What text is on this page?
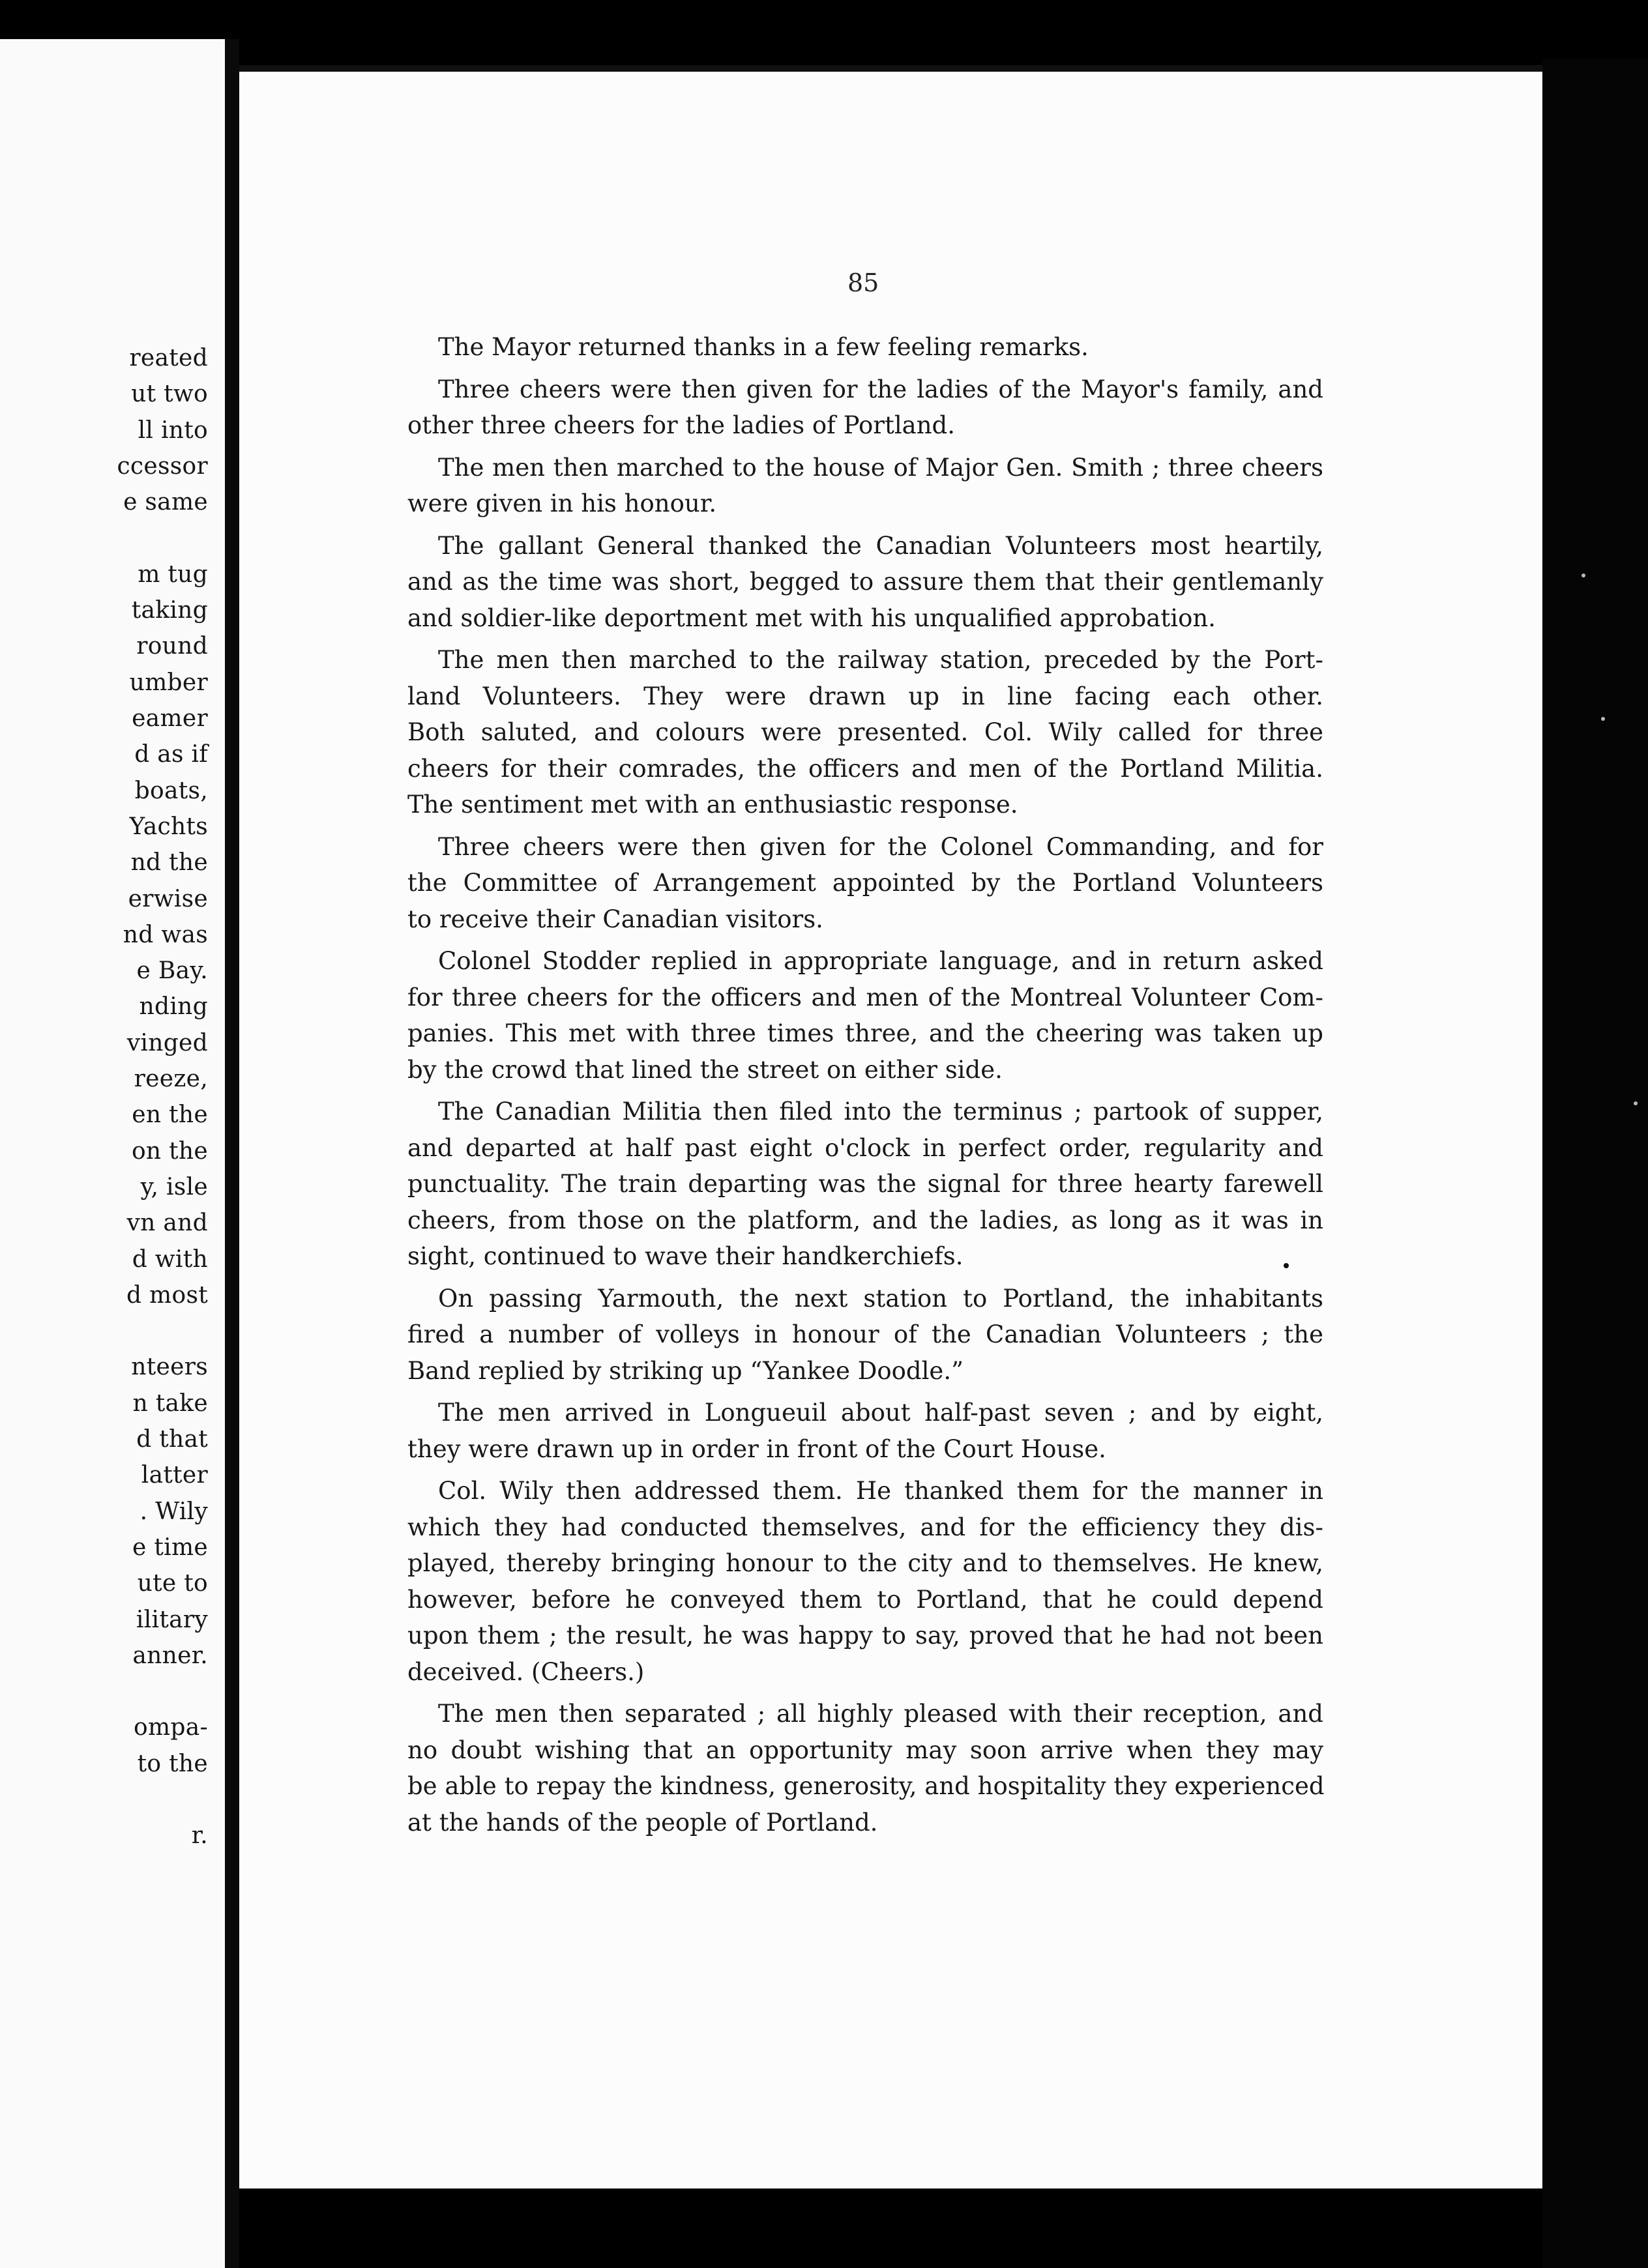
reated
ut two
ll into
ccessor
e same
m tug
taking
round
umber
eamer
d as if
boats,
Yachts
nd the
erwise
nd was
e Bay.
nding
vinged
reeze,
en the
on the
y, isle
vn and
d with
d most
nteers
n take
d that
latter
. Wily
e time
ute to
ilitary
anner.
ompa-
to the
r.
85
The Mayor returned thanks in a few feeling remarks.
Three cheers were then given for the ladies of the Mayor's family, and
other three cheers for the ladies of Portland.
The men then marched to the house of Major Gen. Smith ; three cheers
were given in his honour.
The gallant General thanked the Canadian Volunteers most heartily,
and as the time was short, begged to assure them that their gentlemanly
and soldier-like deportment met with his unqualified approbation.
The men then marched to the railway station, preceded by the Port-
land Volunteers. They were drawn up in line facing each other.
Both saluted, and colours were presented. Col. Wily called for three
cheers for their comrades, the officers and men of the Portland Militia.
The sentiment met with an enthusiastic response.
Three cheers were then given for the Colonel Commanding, and for
the Committee of Arrangement appointed by the Portland Volunteers
to receive their Canadian visitors.
Colonel Stodder replied in appropriate language, and in return asked
for three cheers for the officers and men of the Montreal Volunteer Com-
panies. This met with three times three, and the cheering was taken up
by the crowd that lined the street on either side.
The Canadian Militia then filed into the terminus ; partook of supper,
and departed at half past eight o'clock in perfect order, regularity and
punctuality. The train departing was the signal for three hearty farewell
cheers, from those on the platform, and the ladies, as long as it was in
sight, continued to wave their handkerchiefs.
On passing Yarmouth, the next station to Portland, the inhabitants
fired a number of volleys in honour of the Canadian Volunteers ; the
Band replied by striking up “Yankee Doodle.”
The men arrived in Longueuil about half-past seven ; and by eight,
they were drawn up in order in front of the Court House.
Col. Wily then addressed them. He thanked them for the manner in
which they had conducted themselves, and for the efficiency they dis-
played, thereby bringing honour to the city and to themselves. He knew,
however, before he conveyed them to Portland, that he could depend
upon them ; the result, he was happy to say, proved that he had not been
deceived. (Cheers.)
The men then separated ; all highly pleased with their reception, and
no doubt wishing that an opportunity may soon arrive when they may
be able to repay the kindness, generosity, and hospitality they experienced
at the hands of the people of Portland.
